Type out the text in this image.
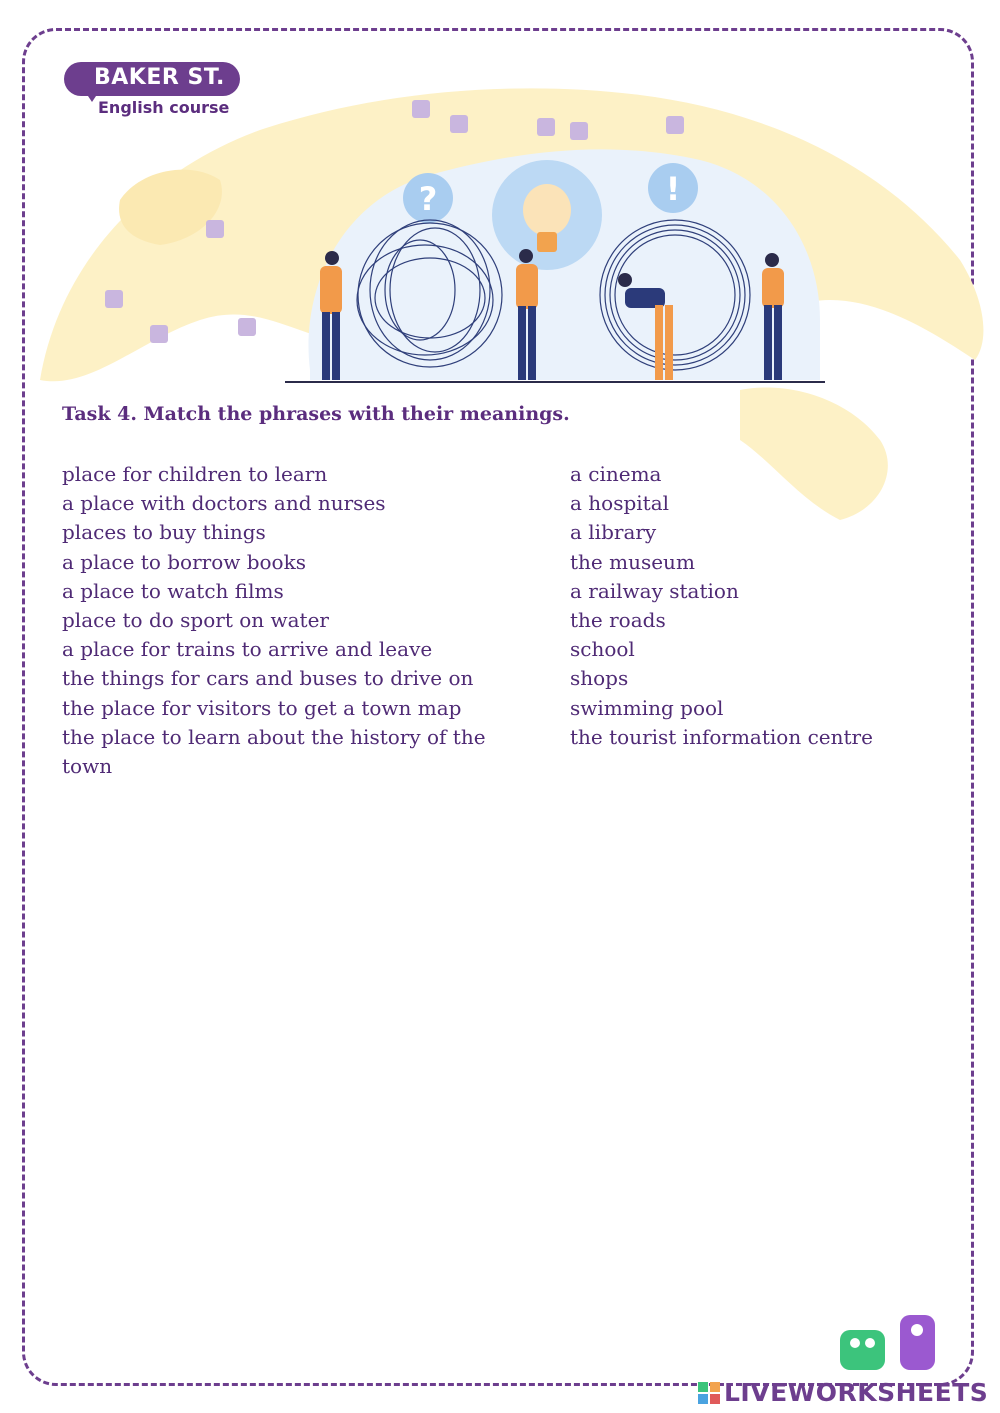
BAKER ST.
English course
?	!
Task 4. Match the phrases with their meanings.
place for children to learn
a place with doctors and nurses
places to buy things
a place to borrow books
a place to watch films
place to do sport on water
a place for trains to arrive and leave
the things for cars and buses to drive on
the place for visitors to get a town map
the place to learn about the history of the town
a cinema
a hospital
a library
the museum
a railway station
the roads
school
shops
swimming pool
the tourist information centre
LIVEWORKSHEETS
